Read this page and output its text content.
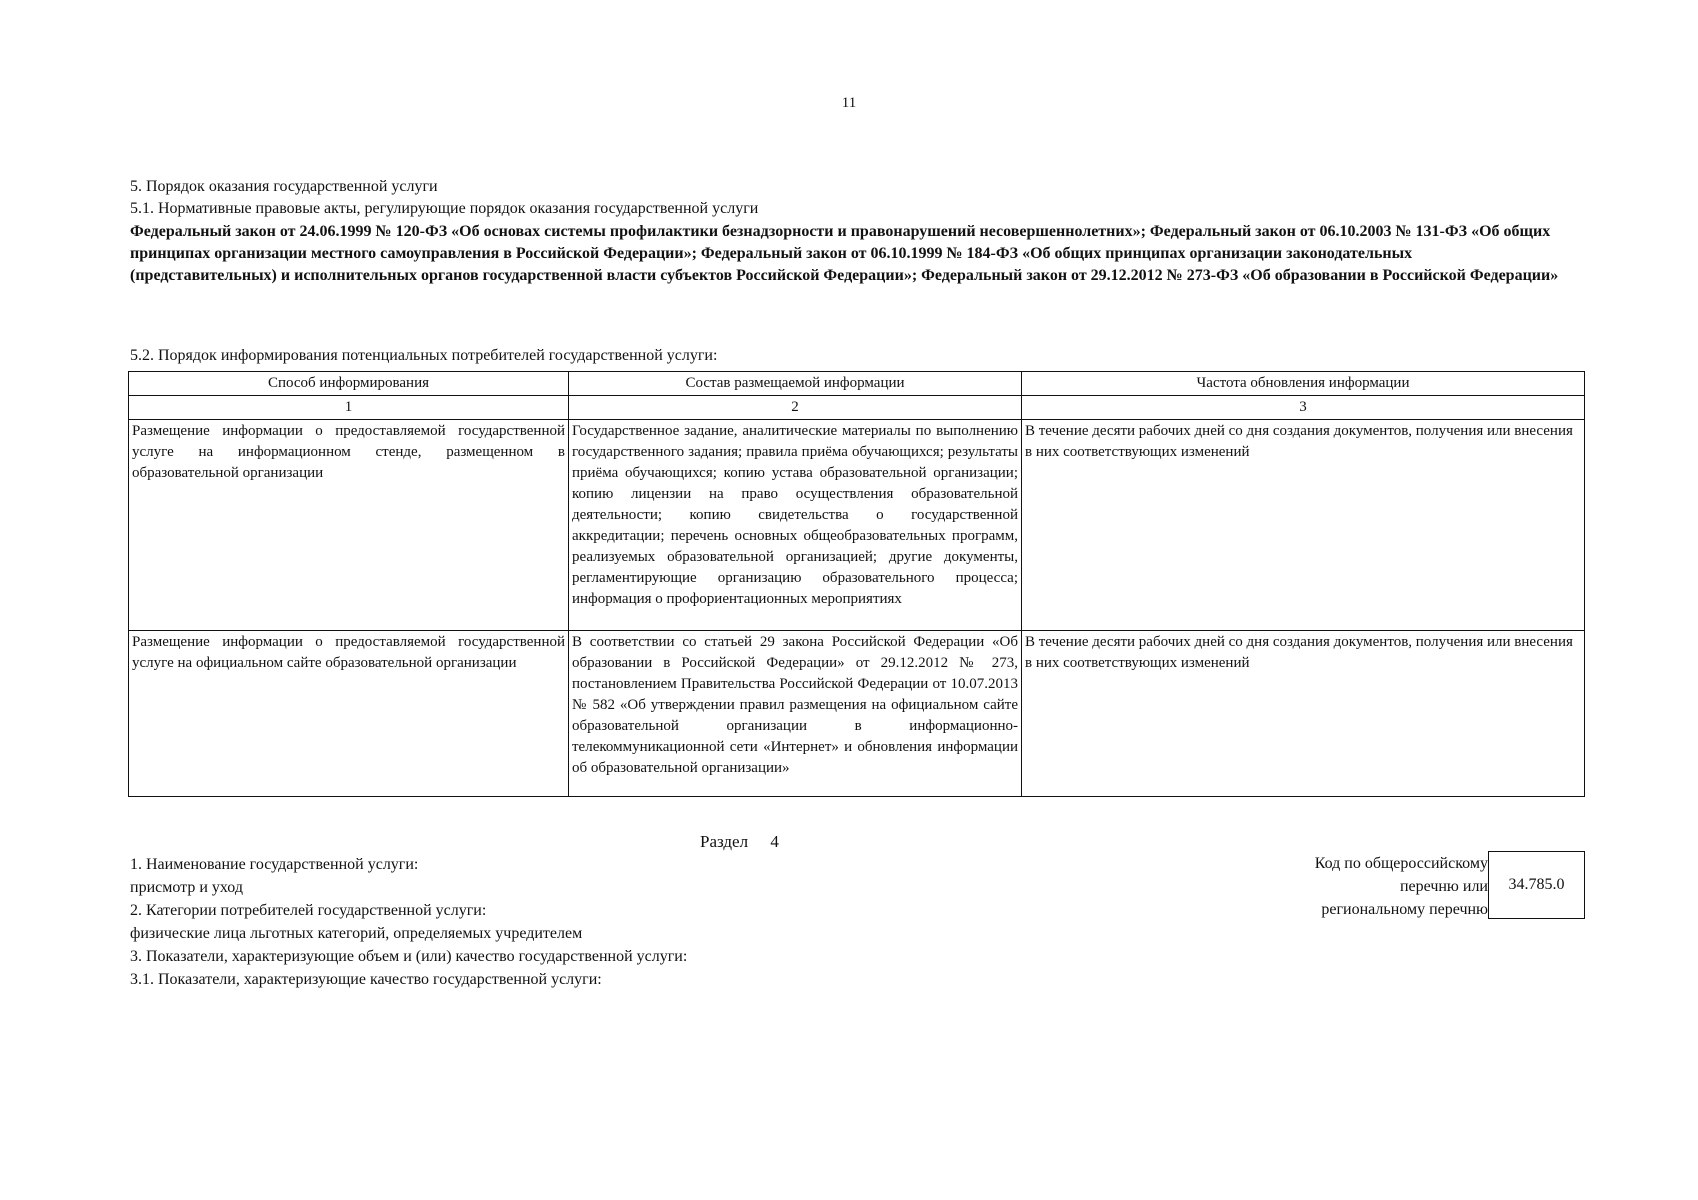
11
5. Порядок оказания государственной услуги
5.1. Нормативные правовые акты, регулирующие порядок оказания государственной услуги
Федеральный закон от 24.06.1999 № 120-ФЗ «Об основах системы профилактики безнадзорности и правонарушений несовершеннолетних»; Федеральный закон от 06.10.2003 № 131-ФЗ «Об общих принципах организации местного самоуправления в Российской Федерации»; Федеральный закон от 06.10.1999 № 184-ФЗ «Об общих принципах организации законодательных (представительных) и исполнительных органов государственной власти субъектов Российской Федерации»; Федеральный закон от 29.12.2012 № 273-ФЗ «Об образовании в Российской Федерации»
5.2. Порядок информирования потенциальных потребителей государственной услуги:
Способ информирования	Состав размещаемой информации	Частота обновления информации
1	2	3
Размещение информации о предоставляемой государственной услуге на информационном стенде, размещенном в образовательной организации	Государственное задание, аналитические материалы по выполнению государственного задания; правила приёма обучающихся; результаты приёма обучающихся; копию устава образовательной организации; копию лицензии на право осуществления образовательной деятельности; копию свидетельства о государственной аккредитации; перечень основных общеобразовательных программ, реализуемых образовательной организацией; другие документы, регламентирующие организацию образовательного процесса; информация о профориентационных мероприятиях	В течение десяти рабочих дней со дня создания документов, получения или внесения в них соответствующих изменений
Размещение информации о предоставляемой государственной услуге на официальном сайте образовательной организации	В соответствии со статьей 29 закона Российской Федерации «Об образовании в Российской Федерации» от 29.12.2012 № 273, постановлением Правительства Российской Федерации от 10.07.2013 № 582 «Об утверждении правил размещения на официальном сайте образовательной организации в информационно-телекоммуникационной сети «Интернет» и обновления информации об образовательной организации»	В течение десяти рабочих дней со дня создания документов, получения или внесения в них соответствующих изменений
Раздел 4
1. Наименование государственной услуги:
присмотр и уход
2. Категории потребителей государственной услуги:
физические лица льготных категорий, определяемых учредителем
3. Показатели, характеризующие объем и (или) качество государственной услуги:
3.1. Показатели, характеризующие качество государственной услуги:
Код по общероссийскому
перечню или
региональному перечню
34.785.0
